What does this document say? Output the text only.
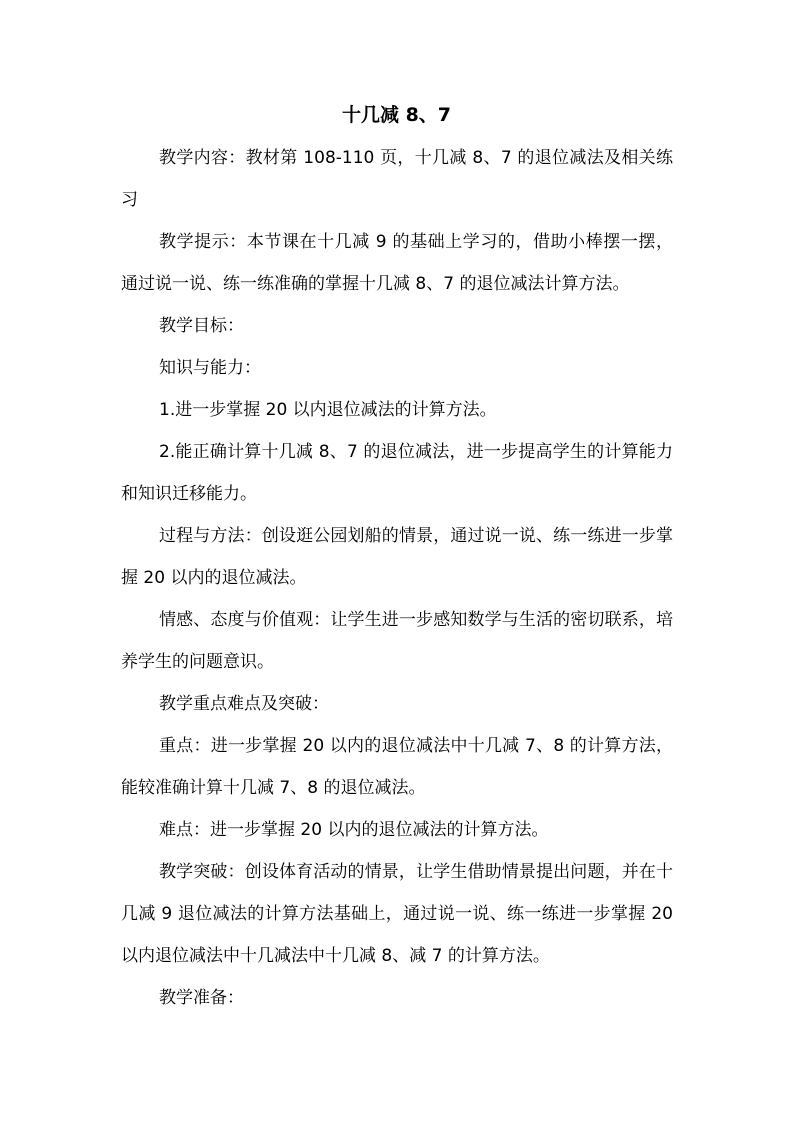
十几减 8、7

教学内容：教材第 108-110 页，十几减 8、7 的退位减法及相关练习

教学提示：本节课在十几减 9 的基础上学习的，借助小棒摆一摆，通过说一说、练一练准确的掌握十几减 8、7 的退位减法计算方法。

教学目标：

知识与能力：

1.进一步掌握 20 以内退位减法的计算方法。

2.能正确计算十几减 8、7 的退位减法，进一步提高学生的计算能力和知识迁移能力。

过程与方法：创设逛公园划船的情景，通过说一说、练一练进一步掌握 20 以内的退位减法。

情感、态度与价值观：让学生进一步感知数学与生活的密切联系，培养学生的问题意识。

教学重点难点及突破：

重点：进一步掌握 20 以内的退位减法中十几减 7、8 的计算方法，能较准确计算十几减 7、8 的退位减法。

难点：进一步掌握 20 以内的退位减法的计算方法。

教学突破：创设体育活动的情景，让学生借助情景提出问题，并在十几减 9 退位减法的计算方法基础上，通过说一说、练一练进一步掌握 20 以内退位减法中十几减法中十几减 8、减 7 的计算方法。

教学准备：
